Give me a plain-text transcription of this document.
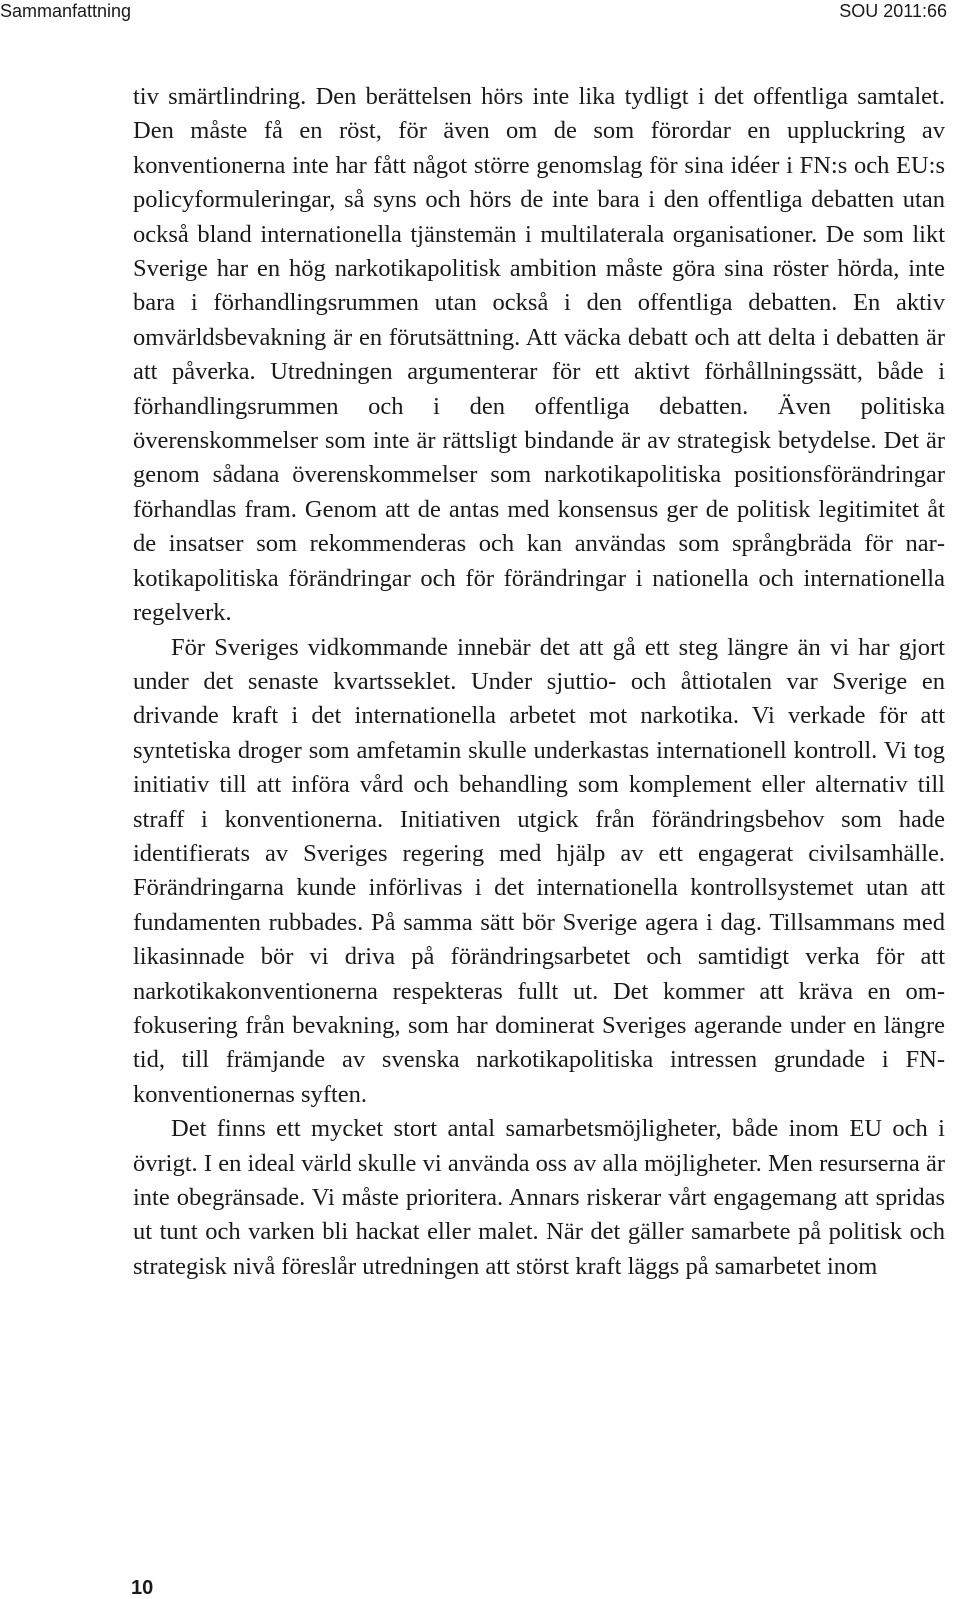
Sammanfattning	SOU 2011:66

tiv smärtlindring. Den berättelsen hörs inte lika tydligt i det offentliga samtalet. Den måste få en röst, för även om de som förordar en uppluckring av konventionerna inte har fått något större genomslag för sina idéer i FN:s och EU:s policyformuleringar, så syns och hörs de inte bara i den offentliga debatten utan också bland internationella tjänstemän i multilaterala organisationer. De som likt Sverige har en hög narkotikapolitisk ambition måste göra sina röster hörda, inte bara i förhandlingsrummen utan också i den offentliga debatten. En aktiv omvärldsbevakning är en förutsättning. Att väcka debatt och att delta i debatten är att påverka. Utredningen argumenterar för ett aktivt förhållningssätt, både i förhandlingsrummen och i den offentliga debatten. Även politiska överenskommelser som inte är rättsligt bindande är av strategisk betydelse. Det är genom sådana överenskommelser som narkotikapolitiska positionsförändringar förhandlas fram. Genom att de antas med konsensus ger de politisk legitimitet åt de insatser som rekommenderas och kan användas som språngbräda för narkotikapolitiska förändringar och för förändringar i nationella och internationella regelverk.

För Sveriges vidkommande innebär det att gå ett steg längre än vi har gjort under det senaste kvartsseklet. Under sjuttio- och åttiotalen var Sverige en drivande kraft i det internationella arbetet mot narkotika. Vi verkade för att syntetiska droger som amfetamin skulle underkastas internationell kontroll. Vi tog initiativ till att införa vård och behandling som komplement eller alternativ till straff i konventionerna. Initiativen utgick från förändringsbehov som hade identifierats av Sveriges regering med hjälp av ett engagerat civilsamhälle. Förändringarna kunde införlivas i det internationella kontrollsystemet utan att fundamenten rubbades. På samma sätt bör Sverige agera i dag. Tillsammans med likasinnade bör vi driva på förändringsarbetet och samtidigt verka för att narkotikakonventionerna respekteras fullt ut. Det kommer att kräva en omfokusering från bevakning, som har dominerat Sveriges agerande under en längre tid, till främjande av svenska narkotikapolitiska intressen grundade i FN-konventionernas syften.

Det finns ett mycket stort antal samarbetsmöjligheter, både inom EU och i övrigt. I en ideal värld skulle vi använda oss av alla möjligheter. Men resurserna är inte obegränsade. Vi måste prioritera. Annars riskerar vårt engagemang att spridas ut tunt och varken bli hackat eller malet. När det gäller samarbete på politisk och strategisk nivå föreslår utredningen att störst kraft läggs på samarbetet inom

10
